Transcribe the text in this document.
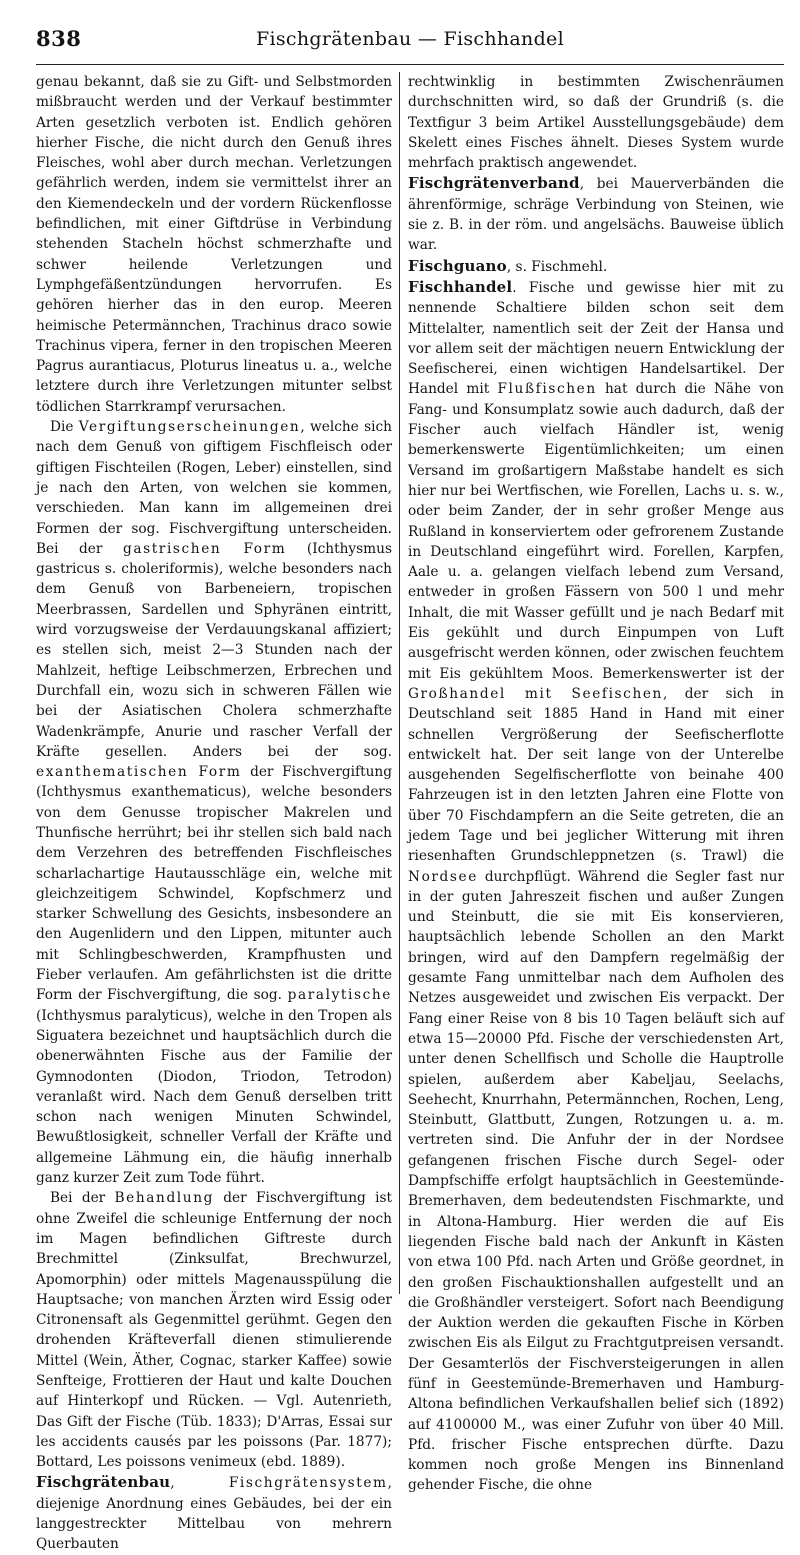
838	Fischgrätenbau — Fischhandel

genau bekannt, daß sie zu Gift- und Selbstmorden mißbraucht werden und der Verkauf bestimmter Arten gesetzlich verboten ist. Endlich gehören hierher Fische, die nicht durch den Genuß ihres Fleisches, wohl aber durch mechan. Verletzungen gefährlich werden, indem sie vermittelst ihrer an den Kiemendeckeln und der vordern Rückenflosse befindlichen, mit einer Giftdrüse in Verbindung stehenden Stacheln höchst schmerzhafte und schwer heilende Verletzungen und Lymphgefäßentzündungen hervorrufen. Es gehören hierher das in den europ. Meeren heimische Petermännchen, Trachinus draco sowie Trachinus vipera, ferner in den tropischen Meeren Pagrus aurantiacus, Ploturus lineatus u. a., welche letztere durch ihre Verletzungen mitunter selbst tödlichen Starrkrampf verursachen.

Die Vergiftungserscheinungen, welche sich nach dem Genuß von giftigem Fischfleisch oder giftigen Fischteilen (Rogen, Leber) einstellen, sind je nach den Arten, von welchen sie kommen, verschieden. Man kann im allgemeinen drei Formen der sog. Fischvergiftung unterscheiden. Bei der gastrischen Form (Ichthysmus gastricus s. choleriformis), welche besonders nach dem Genuß von Barbeneiern, tropischen Meerbrassen, Sardellen und Sphyränen eintritt, wird vorzugsweise der Verdauungskanal affiziert; es stellen sich, meist 2—3 Stunden nach der Mahlzeit, heftige Leibschmerzen, Erbrechen und Durchfall ein, wozu sich in schweren Fällen wie bei der Asiatischen Cholera schmerzhafte Wadenkrämpfe, Anurie und rascher Verfall der Kräfte gesellen. Anders bei der sog. exanthematischen Form der Fischvergiftung (Ichthysmus exanthematicus), welche besonders von dem Genusse tropischer Makrelen und Thunfische herrührt; bei ihr stellen sich bald nach dem Verzehren des betreffenden Fischfleisches scharlachartige Hautausschläge ein, welche mit gleichzeitigem Schwindel, Kopfschmerz und starker Schwellung des Gesichts, insbesondere an den Augenlidern und den Lippen, mitunter auch mit Schlingbeschwerden, Krampfhusten und Fieber verlaufen. Am gefährlichsten ist die dritte Form der Fischvergiftung, die sog. paralytische (Ichthysmus paralyticus), welche in den Tropen als Siguatera bezeichnet und hauptsächlich durch die obenerwähnten Fische aus der Familie der Gymnodonten (Diodon, Triodon, Tetrodon) veranlaßt wird. Nach dem Genuß derselben tritt schon nach wenigen Minuten Schwindel, Bewußtlosigkeit, schneller Verfall der Kräfte und allgemeine Lähmung ein, die häufig innerhalb ganz kurzer Zeit zum Tode führt.

Bei der Behandlung der Fischvergiftung ist ohne Zweifel die schleunige Entfernung der noch im Magen befindlichen Giftreste durch Brechmittel (Zinksulfat, Brechwurzel, Apomorphin) oder mittels Magenausspülung die Hauptsache; von manchen Ärzten wird Essig oder Citronensaft als Gegenmittel gerühmt. Gegen den drohenden Kräfteverfall dienen stimulierende Mittel (Wein, Äther, Cognac, starker Kaffee) sowie Senfteige, Frottieren der Haut und kalte Douchen auf Hinterkopf und Rücken. — Vgl. Autenrieth, Das Gift der Fische (Tüb. 1833); D'Arras, Essai sur les accidents causés par les poissons (Par. 1877); Bottard, Les poissons venimeux (ebd. 1889).

Fischgrätenbau, Fischgrätensystem, diejenige Anordnung eines Gebäudes, bei der ein langgestreckter Mittelbau von mehrern Querbauten

rechtwinklig in bestimmten Zwischenräumen durchschnitten wird, so daß der Grundriß (s. die Textfigur 3 beim Artikel Ausstellungsgebäude) dem Skelett eines Fisches ähnelt. Dieses System wurde mehrfach praktisch angewendet.

Fischgrätenverband, bei Mauerverbänden die ährenförmige, schräge Verbindung von Steinen, wie sie z. B. in der röm. und angelsächs. Bauweise üblich war.

Fischguano, s. Fischmehl.

Fischhandel. Fische und gewisse hier mit zu nennende Schaltiere bilden schon seit dem Mittelalter, namentlich seit der Zeit der Hansa und vor allem seit der mächtigen neuern Entwicklung der Seefischerei, einen wichtigen Handelsartikel. Der Handel mit Flußfischen hat durch die Nähe von Fang- und Konsumplatz sowie auch dadurch, daß der Fischer auch vielfach Händler ist, wenig bemerkenswerte Eigentümlichkeiten; um einen Versand im großartigern Maßstabe handelt es sich hier nur bei Wertfischen, wie Forellen, Lachs u. s. w., oder beim Zander, der in sehr großer Menge aus Rußland in konserviertem oder gefrorenem Zustande in Deutschland eingeführt wird. Forellen, Karpfen, Aale u. a. gelangen vielfach lebend zum Versand, entweder in großen Fässern von 500 l und mehr Inhalt, die mit Wasser gefüllt und je nach Bedarf mit Eis gekühlt und durch Einpumpen von Luft ausgefrischt werden können, oder zwischen feuchtem mit Eis gekühltem Moos. Bemerkenswerter ist der Großhandel mit Seefischen, der sich in Deutschland seit 1885 Hand in Hand mit einer schnellen Vergrößerung der Seefischerflotte entwickelt hat. Der seit lange von der Unterelbe ausgehenden Segelfischerflotte von beinahe 400 Fahrzeugen ist in den letzten Jahren eine Flotte von über 70 Fischdampfern an die Seite getreten, die an jedem Tage und bei jeglicher Witterung mit ihren riesenhaften Grundschleppnetzen (s. Trawl) die Nordsee durchpflügt. Während die Segler fast nur in der guten Jahreszeit fischen und außer Zungen und Steinbutt, die sie mit Eis konservieren, hauptsächlich lebende Schollen an den Markt bringen, wird auf den Dampfern regelmäßig der gesamte Fang unmittelbar nach dem Aufholen des Netzes ausgeweidet und zwischen Eis verpackt. Der Fang einer Reise von 8 bis 10 Tagen beläuft sich auf etwa 15—20000 Pfd. Fische der verschiedensten Art, unter denen Schellfisch und Scholle die Hauptrolle spielen, außerdem aber Kabeljau, Seelachs, Seehecht, Knurrhahn, Petermännchen, Rochen, Leng, Steinbutt, Glattbutt, Zungen, Rotzungen u. a. m. vertreten sind. Die Anfuhr der in der Nordsee gefangenen frischen Fische durch Segel- oder Dampfschiffe erfolgt hauptsächlich in Geestemünde-Bremerhaven, dem bedeutendsten Fischmarkte, und in Altona-Hamburg. Hier werden die auf Eis liegenden Fische bald nach der Ankunft in Kästen von etwa 100 Pfd. nach Arten und Größe geordnet, in den großen Fischauktionshallen aufgestellt und an die Großhändler versteigert. Sofort nach Beendigung der Auktion werden die gekauften Fische in Körben zwischen Eis als Eilgut zu Frachtgutpreisen versandt. Der Gesamterlös der Fischversteigerungen in allen fünf in Geestemünde-Bremerhaven und Hamburg-Altona befindlichen Verkaufshallen belief sich (1892) auf 4100000 M., was einer Zufuhr von über 40 Mill. Pfd. frischer Fische entsprechen dürfte. Dazu kommen noch große Mengen ins Binnenland gehender Fische, die ohne
